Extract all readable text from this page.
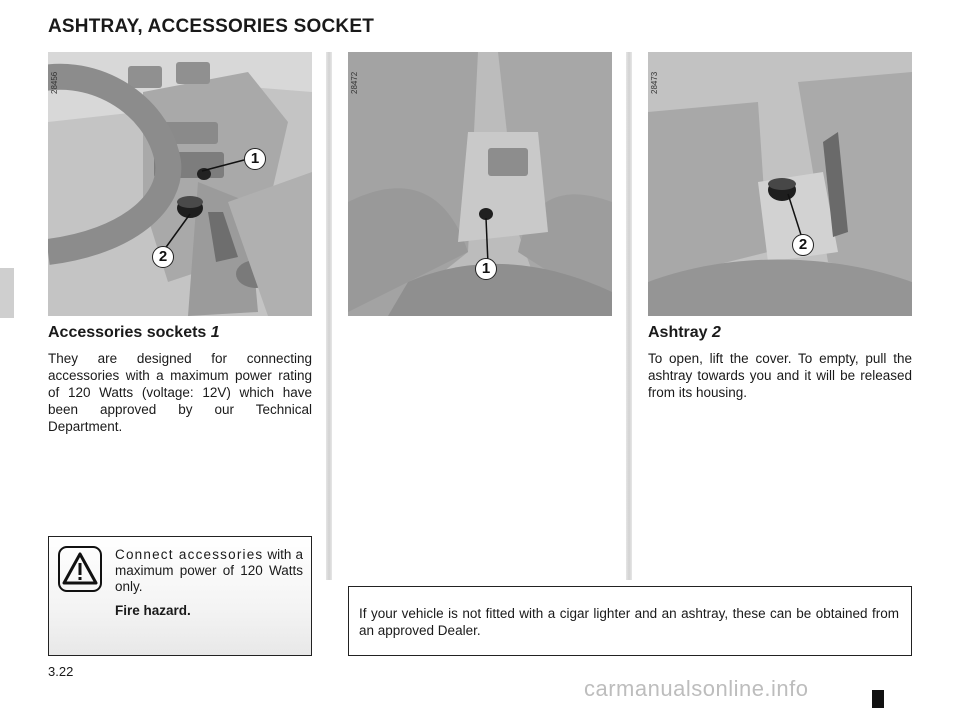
ASHTRAY, ACCESSORIES SOCKET
28456
1
2
28472
1
28473
2
Accessories sockets 1
They are designed for connecting accessories with a maximum power rating of 120 Watts (voltage: 12V) which have been approved by our Technical Department.
Ashtray 2
To open, lift the cover. To empty, pull the ashtray towards you and it will be released from its housing.
Connect accessories with a maximum power of 120 Watts only.
Fire hazard.	If your vehicle is not fitted with a cigar lighter and an ashtray, these can be obtained from an approved Dealer.
3.22
carmanualsonline.info
